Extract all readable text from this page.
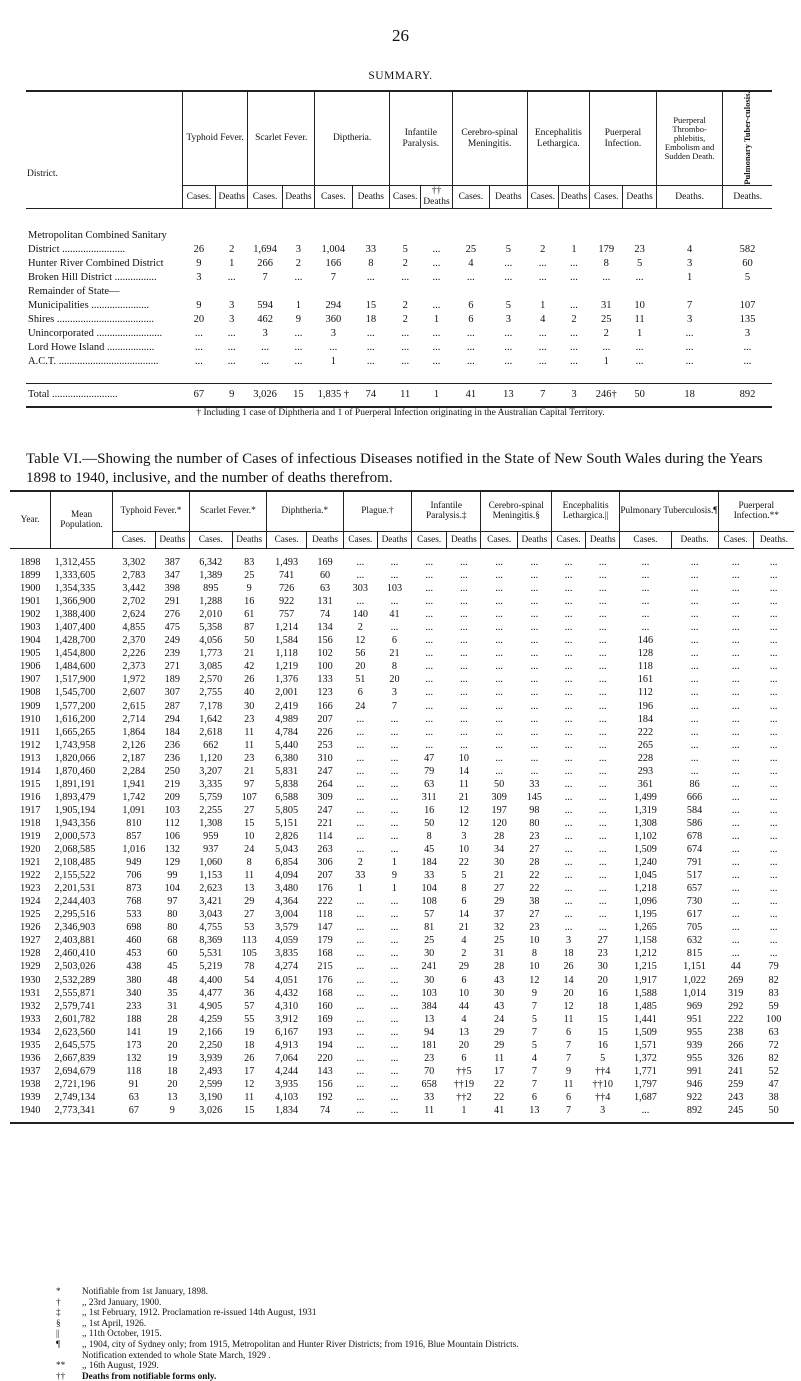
26
SUMMARY.
District.	Typhoid Fever.		Scarlet Fever.		Diptheria.		Infantile Paralysis.		Cerebro-spinal Meningitis.		Encephalitis Lethargica.		Puerperal Infection.		Puerperal Thrombo-phlebitis, Embolism and Sudden Death.	Pulmonary Tuber-culosis.
	Cases.	Deaths	Cases.	Deaths	Cases.	Deaths	Cases.	†† Deaths	Cases.	Deaths	Cases.	Deaths	Cases.	Deaths	Deaths.	Deaths.

Metropolitan Combined Sanitary																
District ........................	26	2	1,694	3	1,004	33	5	...	25	5	2	1	179	23	4	582
Hunter River Combined District	9	1	266	2	166	8	2	...	4	...	...	...	8	5	3	60
Broken Hill District ................	3	...	7	...	7	...	...	...	...	...	...	...	...	...	1	5
Remainder of State—																
Municipalities ......................	9	3	594	1	294	15	2	...	6	5	1	...	31	10	7	107
Shires .....................................	20	3	462	9	360	18	2	1	6	3	4	2	25	11	3	135
Unincorporated .........................	...	...	3	...	3	...	...	...	...	...	...	...	2	1	...	3
Lord Howe Island ..................	...	...	...	...	...	...	...	...	...	...	...	...	...	...	...	...
A.C.T. ......................................	...	...	...	...	1	...	...	...	...	...	...	...	1	...	...	...

Total .........................	67	9	3,026	15	1,835 †	74	11	1	41	13	7	3	246†	50	18	892
† Including 1 case of Diphtheria and 1 of Puerperal Infection originating in the Australian Capital Territory.
Table VI.—Showing the number of Cases of infectious Diseases notified in the State of New South Wales during the Years 1898 to 1940, inclusive, and the number of deaths therefrom.
Year.	Mean Population.	Typhoid Fever.*		Scarlet Fever.*		Diphtheria.*		Plague.†		Infantile Paralysis.‡		Cerebro-spinal Meningitis.§		Encephalitis Lethargica.||		Pulmonary Tuberculosis.¶		Puerperal Infection.**	
		Cases.	Deaths	Cases.	Deaths	Cases.	Deaths	Cases.	Deaths	Cases.	Deaths	Cases.	Deaths	Cases.	Deaths	Cases.	Deaths.	Cases.	Deaths.
1898	1,312,455	3,302	387	6,342	83	1,493	169	...	...	...	...	...	...	...	...	...	...	...	...
1899	1,333,605	2,783	347	1,389	25	741	60	...	...	...	...	...	...	...	...	...	...	...	...
1900	1,354,335	3,442	398	895	9	726	63	303	103	...	...	...	...	...	...	...	...	...	...
1901	1,366,900	2,702	291	1,288	16	922	131	...	...	...	...	...	...	...	...	...	...	...	...
1902	1,388,400	2,624	276	2,010	61	757	74	140	41	...	...	...	...	...	...	...	...	...	...
1903	1,407,400	4,855	475	5,358	87	1,214	134	2	...	...	...	...	...	...	...	...	...	...	...
1904	1,428,700	2,370	249	4,056	50	1,584	156	12	6	...	...	...	...	...	...	146	...	...	...
1905	1,454,800	2,226	239	1,773	21	1,118	102	56	21	...	...	...	...	...	...	128	...	...	...
1906	1,484,600	2,373	271	3,085	42	1,219	100	20	8	...	...	...	...	...	...	118	...	...	...
1907	1,517,900	1,972	189	2,570	26	1,376	133	51	20	...	...	...	...	...	...	161	...	...	...
1908	1,545,700	2,607	307	2,755	40	2,001	123	6	3	...	...	...	...	...	...	112	...	...	...
1909	1,577,200	2,615	287	7,178	30	2,419	166	24	7	...	...	...	...	...	...	196	...	...	...
1910	1,616,200	2,714	294	1,642	23	4,989	207	...	...	...	...	...	...	...	...	184	...	...	...
1911	1,665,265	1,864	184	2,618	11	4,784	226	...	...	...	...	...	...	...	...	222	...	...	...
1912	1,743,958	2,126	236	662	11	5,440	253	...	...	...	...	...	...	...	...	265	...	...	...
1913	1,820,066	2,187	236	1,120	23	6,380	310	...	...	47	10	...	...	...	...	228	...	...	...
1914	1,870,460	2,284	250	3,207	21	5,831	247	...	...	79	14	...	...	...	...	293	...	...	...
1915	1,891,191	1,941	219	3,335	97	5,838	264	...	...	63	11	50	33	...	...	361	86	...	...
1916	1,893,479	1,742	209	5,759	107	6,588	309	...	...	311	21	309	145	...	...	1,499	666	...	...
1917	1,905,194	1,091	103	2,255	27	5,805	247	...	...	16	12	197	98	...	...	1,319	584	...	...
1918	1,943,356	810	112	1,308	15	5,151	221	...	...	50	12	120	80	...	...	1,308	586	...	...
1919	2,000,573	857	106	959	10	2,826	114	...	...	8	3	28	23	...	...	1,102	678	...	...
1920	2,068,585	1,016	132	937	24	5,043	263	...	...	45	10	34	27	...	...	1,509	674	...	...
1921	2,108,485	949	129	1,060	8	6,854	306	2	1	184	22	30	28	...	...	1,240	791	...	...
1922	2,155,522	706	99	1,153	11	4,094	207	33	9	33	5	21	22	...	...	1,045	517	...	...
1923	2,201,531	873	104	2,623	13	3,480	176	1	1	104	8	27	22	...	...	1,218	657	...	...
1924	2,244,403	768	97	3,421	29	4,364	222	...	...	108	6	29	38	...	...	1,096	730	...	...
1925	2,295,516	533	80	3,043	27	3,004	118	...	...	57	14	37	27	...	...	1,195	617	...	...
1926	2,346,903	698	80	4,755	53	3,579	147	...	...	81	21	32	23	...	...	1,265	705	...	...
1927	2,403,881	460	68	8,369	113	4,059	179	...	...	25	4	25	10	3	27	1,158	632	...	...
1928	2,460,410	453	60	5,531	105	3,835	168	...	...	30	2	31	8	18	23	1,212	815	...	...
1929	2,503,026	438	45	5,219	78	4,274	215	...	...	241	29	28	10	26	30	1,215	1,151	44	79
1930	2,532,289	380	48	4,400	54	4,051	176	...	...	30	6	43	12	14	20	1,917	1,022	269	82
1931	2,555,871	340	35	4,477	36	4,432	168	...	...	103	10	30	9	20	16	1,588	1,014	319	83
1932	2,579,741	233	31	4,905	57	4,310	160	...	...	384	44	43	7	12	18	1,485	969	292	59
1933	2,601,782	188	28	4,259	55	3,912	169	...	...	13	4	24	5	11	15	1,441	951	222	100
1934	2,623,560	141	19	2,166	19	6,167	193	...	...	94	13	29	7	6	15	1,509	955	238	63
1935	2,645,575	173	20	2,250	18	4,913	194	...	...	181	20	29	5	7	16	1,571	939	266	72
1936	2,667,839	132	19	3,939	26	7,064	220	...	...	23	6	11	4	7	5	1,372	955	326	82
1937	2,694,679	118	18	2,493	17	4,244	143	...	...	70	††5	17	7	9	††4	1,771	991	241	52
1938	2,721,196	91	20	2,599	12	3,935	156	...	...	658	††19	22	7	11	††10	1,797	946	259	47
1939	2,749,134	63	13	3,190	11	4,103	192	...	...	33	††2	22	6	6	††4	1,687	922	243	38
1940	2,773,341	67	9	3,026	15	1,834	74	...	...	11	1	41	13	7	3	...	892	245	50
* Notifiable from 1st January, 1898.
† ,, 23rd January, 1900.
‡ ,, 1st February, 1912. Proclamation re-issued 14th August, 1931
§ ,, 1st April, 1926.
|| ,, 11th October, 1915.
¶ ,, 1904, city of Sydney only; from 1915, Metropolitan and Hunter River Districts; from 1916, Blue Mountain Districts.
Notification extended to whole State March, 1929 .
** ,, 16th August, 1929.
†† Deaths from notifiable forms only.
